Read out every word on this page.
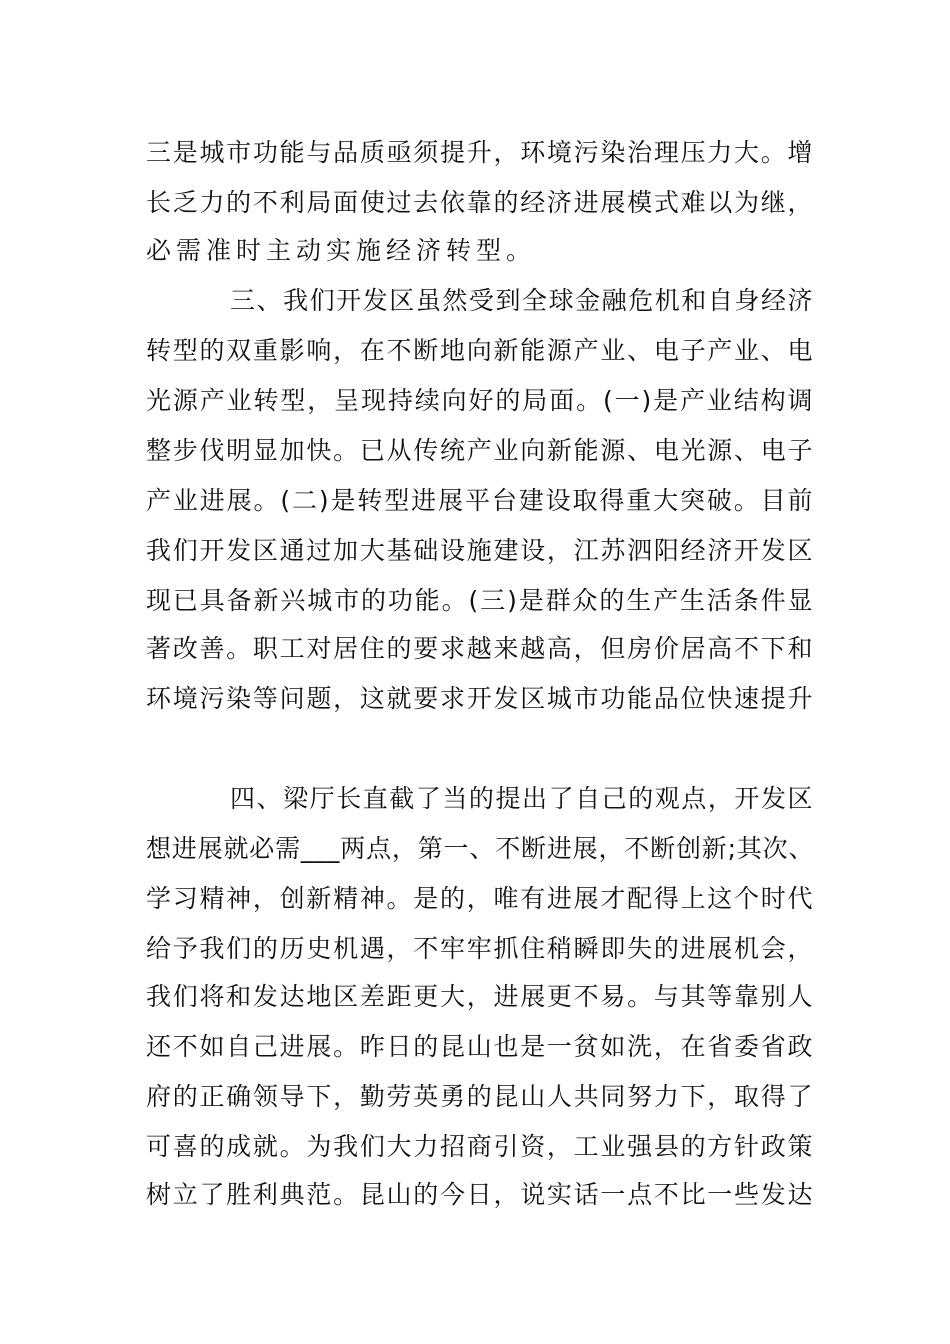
三是城市功能与品质亟须提升，环境污染治理压力大。增
长乏力的不利局面使过去依靠的经济进展模式难以为继，
必需准时主动实施经济转型。
三、我们开发区虽然受到全球金融危机和自身经济
转型的双重影响，在不断地向新能源产业、电子产业、电
光源产业转型，呈现持续向好的局面。(一)是产业结构调
整步伐明显加快。已从传统产业向新能源、电光源、电子
产业进展。(二)是转型进展平台建设取得重大突破。目前
我们开发区通过加大基础设施建设，江苏泗阳经济开发区
现已具备新兴城市的功能。(三)是群众的生产生活条件显
著改善。职工对居住的要求越来越高，但房价居高不下和
环境污染等问题，这就要求开发区城市功能品位快速提升
四、梁厅长直截了当的提出了自己的观点，开发区
想进展就必需___两点，第一、不断进展，不断创新;其次、
学习精神，创新精神。是的，唯有进展才配得上这个时代
给予我们的历史机遇，不牢牢抓住稍瞬即失的进展机会，
我们将和发达地区差距更大，进展更不易。与其等靠别人
还不如自己进展。昨日的昆山也是一贫如洗，在省委省政
府的正确领导下，勤劳英勇的昆山人共同努力下，取得了
可喜的成就。为我们大力招商引资，工业强县的方针政策
树立了胜利典范。昆山的今日，说实话一点不比一些发达
